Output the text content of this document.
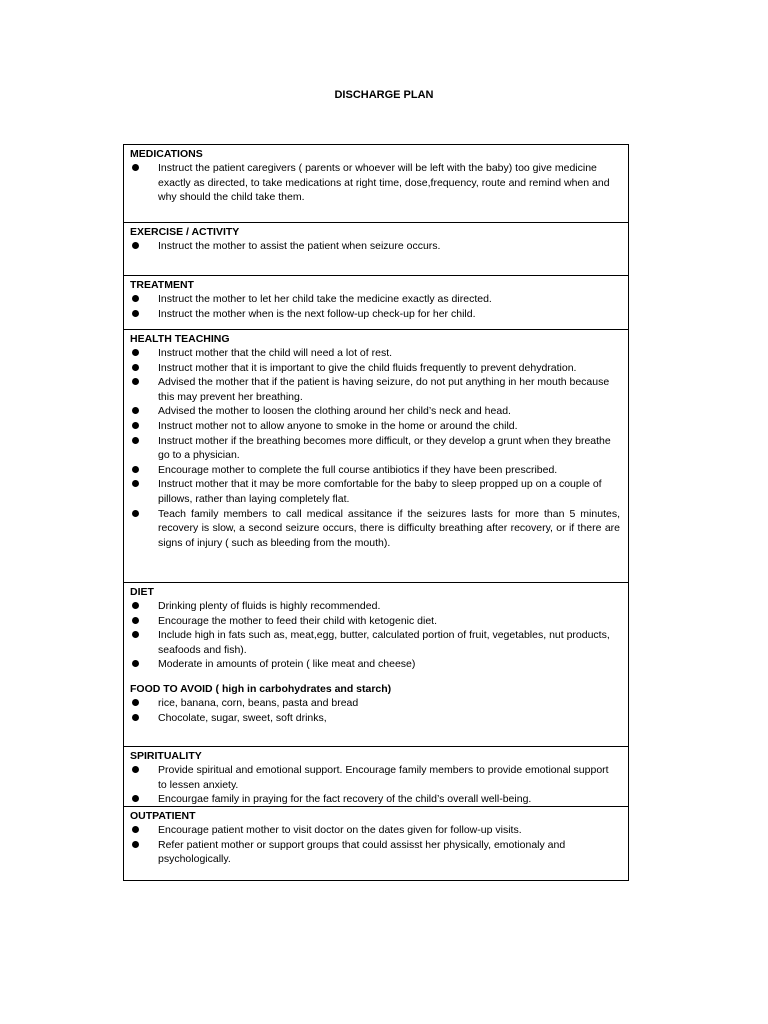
DISCHARGE PLAN
MEDICATIONS
Instruct the patient caregivers ( parents or whoever will be left with the baby) too give medicine exactly as directed, to take medications at right time, dose,frequency, route and remind when and why should the child take them.
EXERCISE / ACTIVITY
Instruct the mother to assist the patient when seizure occurs.
TREATMENT
Instruct the mother to let her child take the medicine exactly as directed.
Instruct the mother when is the next follow-up check-up for her child.
HEALTH TEACHING
Instruct mother that the child will need a lot of rest.
Instruct mother that it is important to give the child fluids frequently to prevent dehydration.
Advised the mother that if the patient is having seizure, do not put anything in her mouth because this may prevent her breathing.
Advised the mother to loosen the clothing around her child’s neck and head.
Instruct mother not to allow anyone to smoke in the home or around the child.
Instruct mother if the breathing becomes more difficult, or they develop a grunt when they breathe go to a physician.
Encourage mother to complete the full course antibiotics if they have been prescribed.
Instruct mother that it may be more comfortable for the baby to sleep propped up on a couple of pillows, rather than laying completely flat.
Teach family members to call medical assitance if the seizures lasts for more than 5 minutes, recovery is slow, a second seizure occurs, there is difficulty breathing after recovery, or if there are signs of injury ( such as bleeding from the mouth).
DIET
Drinking plenty of fluids is highly recommended.
Encourage the mother to feed their child with ketogenic diet.
Include high in fats such as, meat,egg, butter, calculated portion of fruit, vegetables, nut products, seafoods and fish).
Moderate in amounts of protein ( like meat and cheese)
FOOD TO AVOID ( high in carbohydrates and starch)
rice, banana, corn, beans, pasta and bread
Chocolate, sugar, sweet, soft drinks,
SPIRITUALITY
Provide spiritual and emotional support. Encourage family members to provide emotional support to lessen anxiety.
Encourgae family in praying for the fact recovery of the child’s overall well-being.
OUTPATIENT
Encourage patient mother to visit doctor on the dates given for follow-up visits.
Refer patient mother or support groups that could assisst her physically, emotionaly and psychologically.
